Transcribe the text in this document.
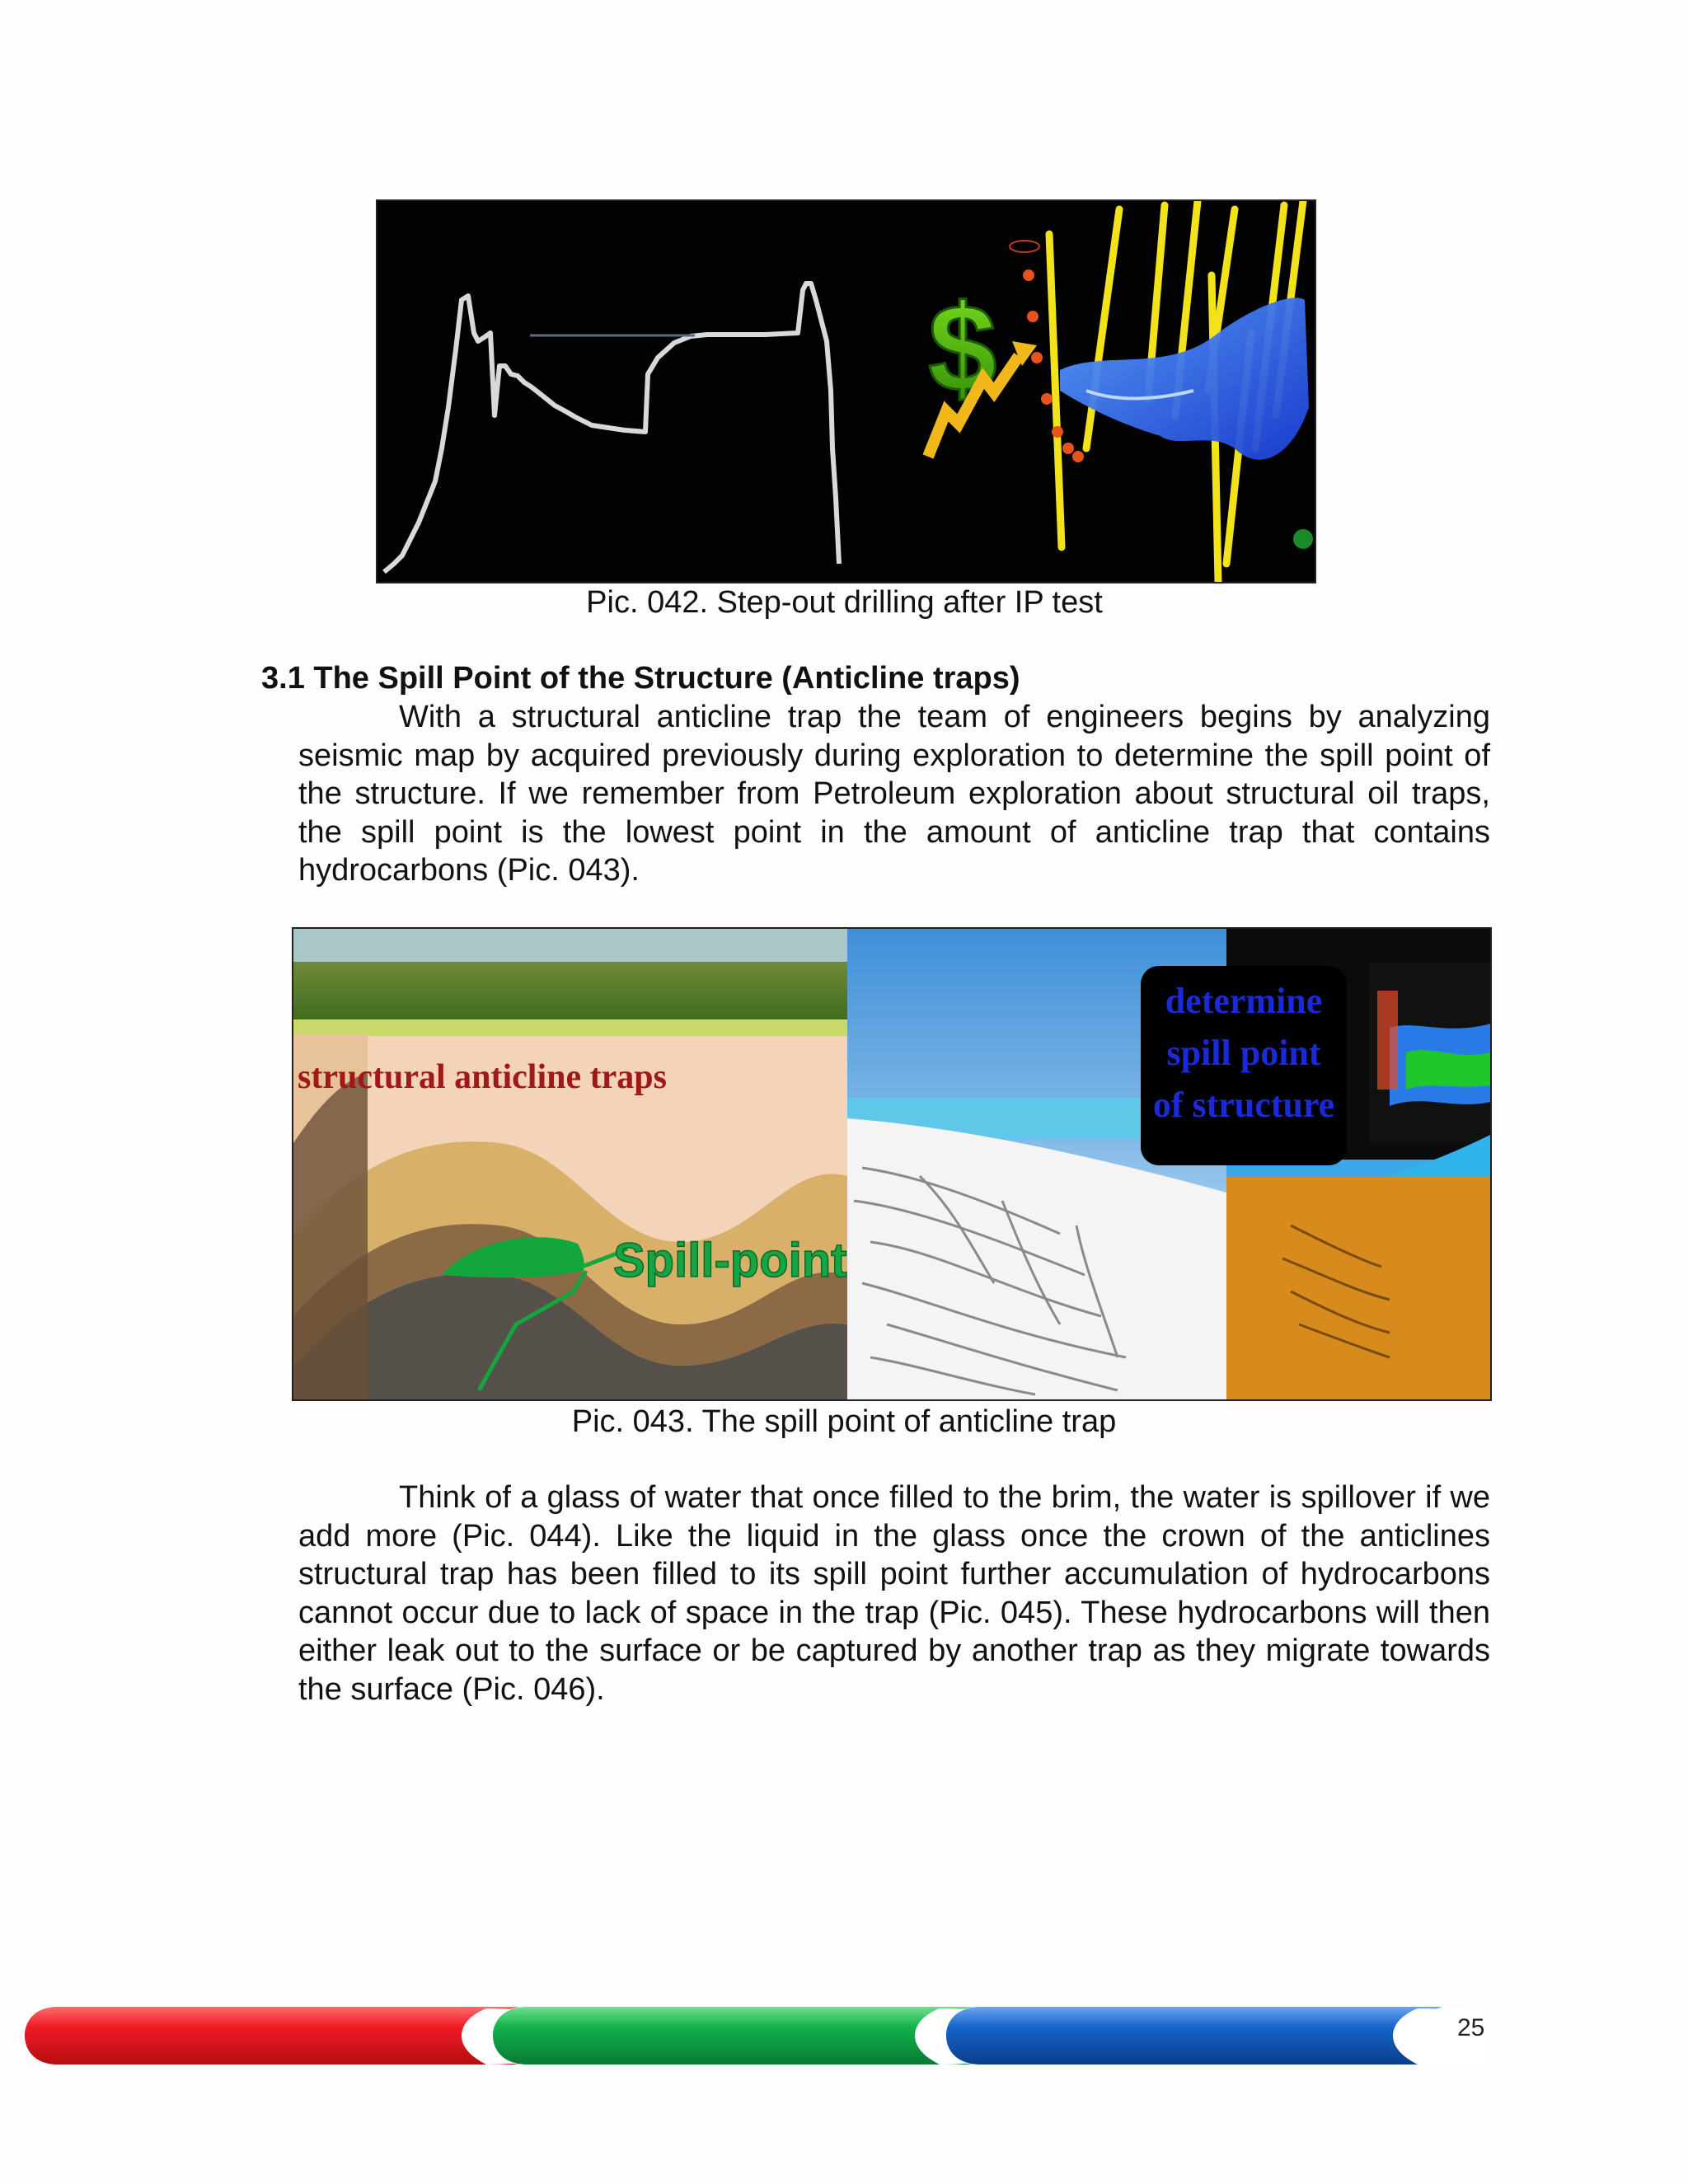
$
Pic. 042. Step-out drilling after IP test
3.1 The Spill Point of the Structure (Anticline traps)
With a structural anticline trap the team of engineers begins by analyzing seismic map by acquired previously during exploration to determine the spill point of the structure. If we remember from Petroleum exploration about structural oil traps, the spill point is the lowest point in the amount of anticline trap that contains hydrocarbons (Pic. 043).
structural anticline traps
Spill-point
determine
spill point
of structure
Pic. 043. The spill point of anticline trap
Think of a glass of water that once filled to the brim, the water is spillover if we add more (Pic. 044). Like the liquid in the glass once the crown of the anticlines structural trap has been filled to its spill point further accumulation of hydrocarbons cannot occur due to lack of space in the trap (Pic. 045). These hydrocarbons will then either leak out to the surface or be captured by another trap as they migrate towards the surface (Pic. 046).
25
